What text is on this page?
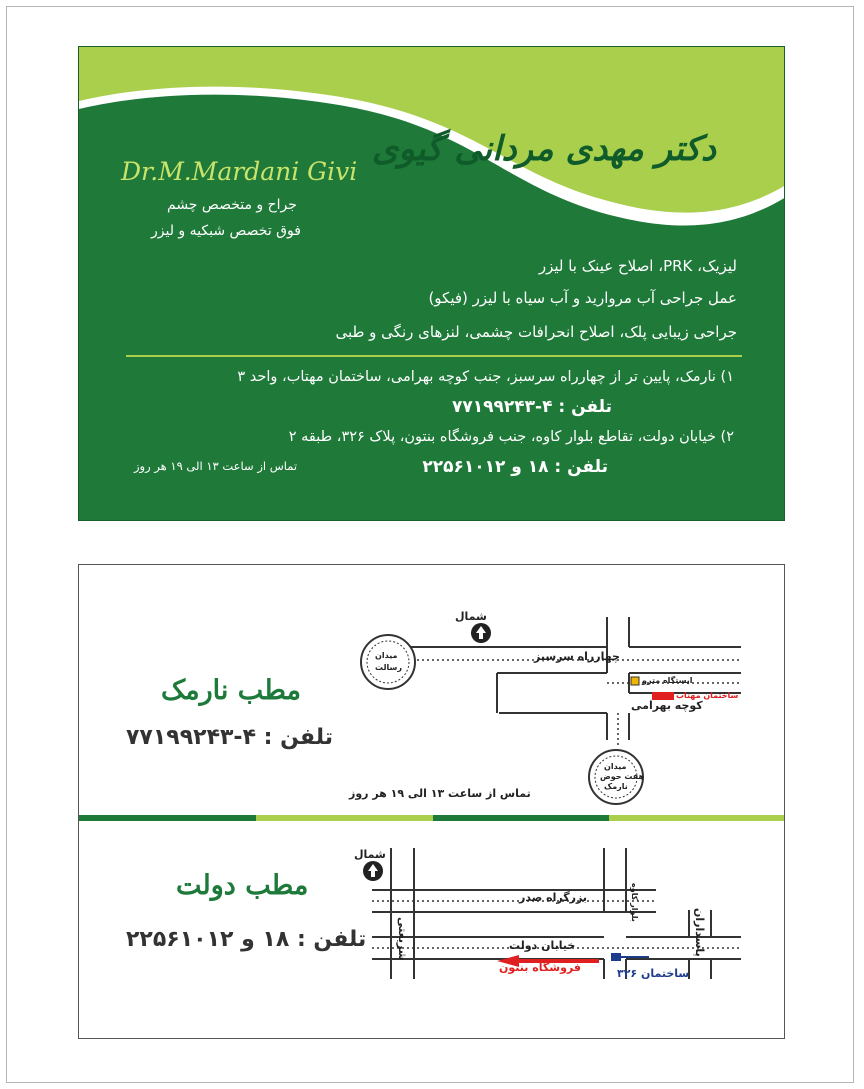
دکتر مهدی مردانی گیوی
Dr.M.Mardani Givi
جراح و متخصص چشم
فوق تخصص شبکیه و لیزر
لیزیک، PRK، اصلاح عینک با لیزر
عمل جراحی آب مروارید و آب سیاه با لیزر (فیکو)
جراحی زیبایی پلک، اصلاح انحرافات چشمی، لنزهای رنگی و طبی
۱) نارمک، پایین تر از چهارراه سرسبز، جنب کوچه بهرامی، ساختمان مهتاب، واحد ۳
تلفن : ۴-۷۷۱۹۹۲۴۳
۲) خیابان دولت، تقاطع بلوار کاوه، جنب فروشگاه بنتون، پلاک ۳۲۶، طبقه ۲
تلفن : ۱۸ و ۲۲۵۶۱۰۱۲
تماس از ساعت ۱۳ الی ۱۹ هر روز
شمال
میدان
رسالت
چهارراه سرسبز
ایستگاه مترو
ساختمان مهتاب
کوچه بهرامی
میدان
هفت حوض
نارمک
تماس از ساعت ۱۳ الی ۱۹ هر روز
شمال
بزرگراه صدر
شریعتی
بلوار کاوه
خیابان دولت	پاسداران
فروشگاه بنتون	ساختمان ۳۲۶
مطب نارمک
تلفن : ۴-۷۷۱۹۹۲۴۳
مطب دولت
تلفن : ۱۸ و ۲۲۵۶۱۰۱۲
